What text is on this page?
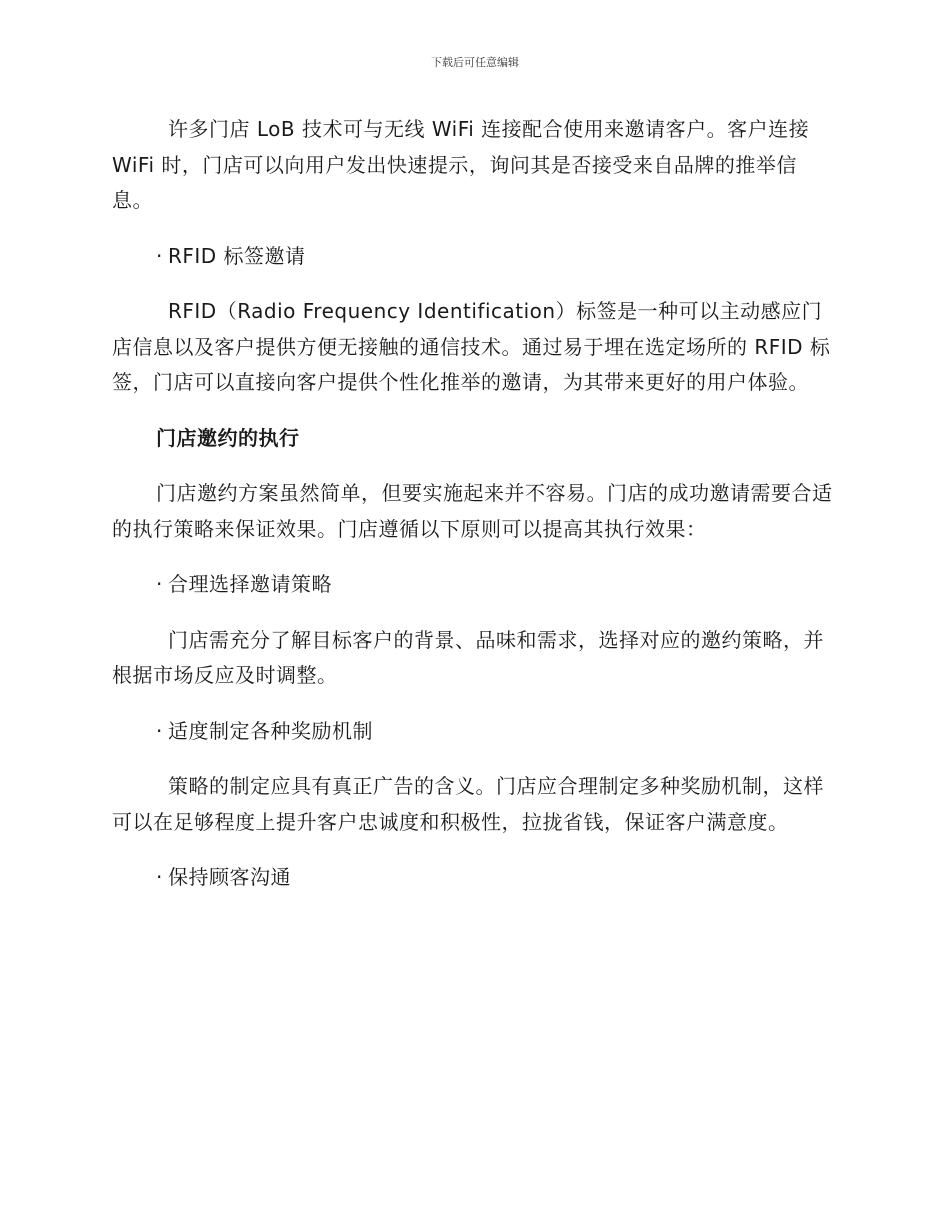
下载后可任意编辑

许多门店 LoB 技术可与无线 WiFi 连接配合使用来邀请客户。客户连接 WiFi 时，门店可以向用户发出快速提示，询问其是否接受来自品牌的推举信息。

· RFID 标签邀请

RFID（Radio Frequency Identification）标签是一种可以主动感应门店信息以及客户提供方便无接触的通信技术。通过易于埋在选定场所的 RFID 标签，门店可以直接向客户提供个性化推举的邀请，为其带来更好的用户体验。

门店邀约的执行

门店邀约方案虽然简单，但要实施起来并不容易。门店的成功邀请需要合适的执行策略来保证效果。门店遵循以下原则可以提高其执行效果：

· 合理选择邀请策略

门店需充分了解目标客户的背景、品味和需求，选择对应的邀约策略，并根据市场反应及时调整。

· 适度制定各种奖励机制

策略的制定应具有真正广告的含义。门店应合理制定多种奖励机制，这样可以在足够程度上提升客户忠诚度和积极性，拉拢省钱，保证客户满意度。

· 保持顾客沟通
